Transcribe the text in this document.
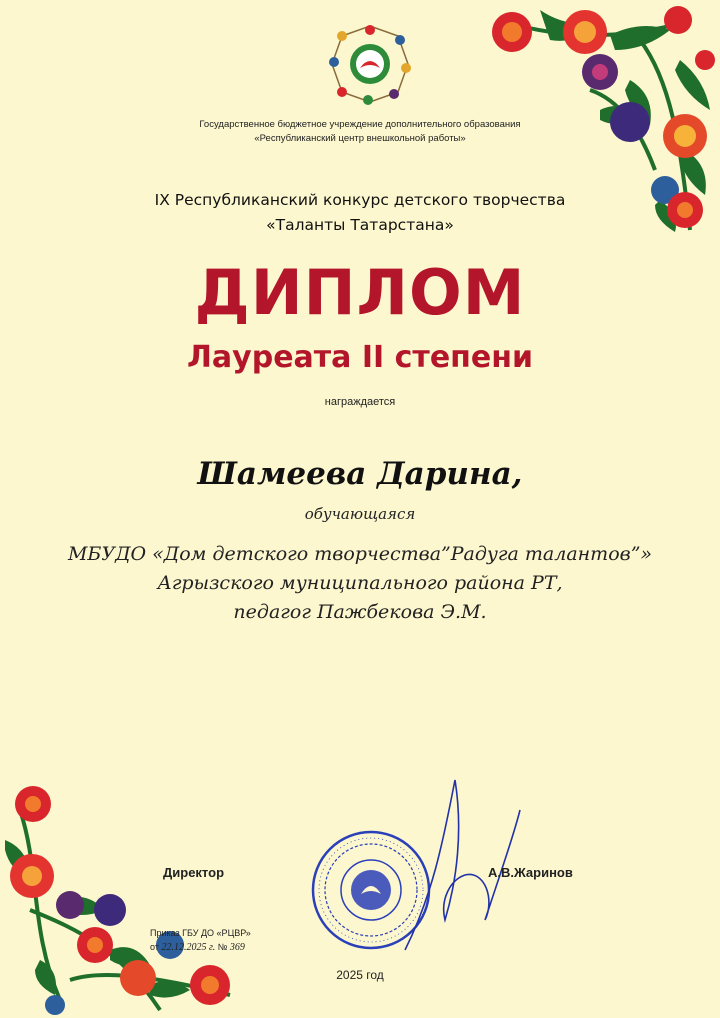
Государственное бюджетное учреждение дополнительного образования
«Республиканский центр внешкольной работы»
IX Республиканский конкурс детского творчества
«Таланты Татарстана»
ДИПЛОМ
Лауреата II степени
награждается
Шамеева Дарина,
обучающаяся
МБУДО «Дом детского творчества”Радуга талантов”»
Агрызского муниципального района РТ,
педагог Пажбекова Э.М.
Директор	А.В.Жаринов
Приказ ГБУ ДО «РЦВР»
от 22.12.2025 г. № 369
2025 год
